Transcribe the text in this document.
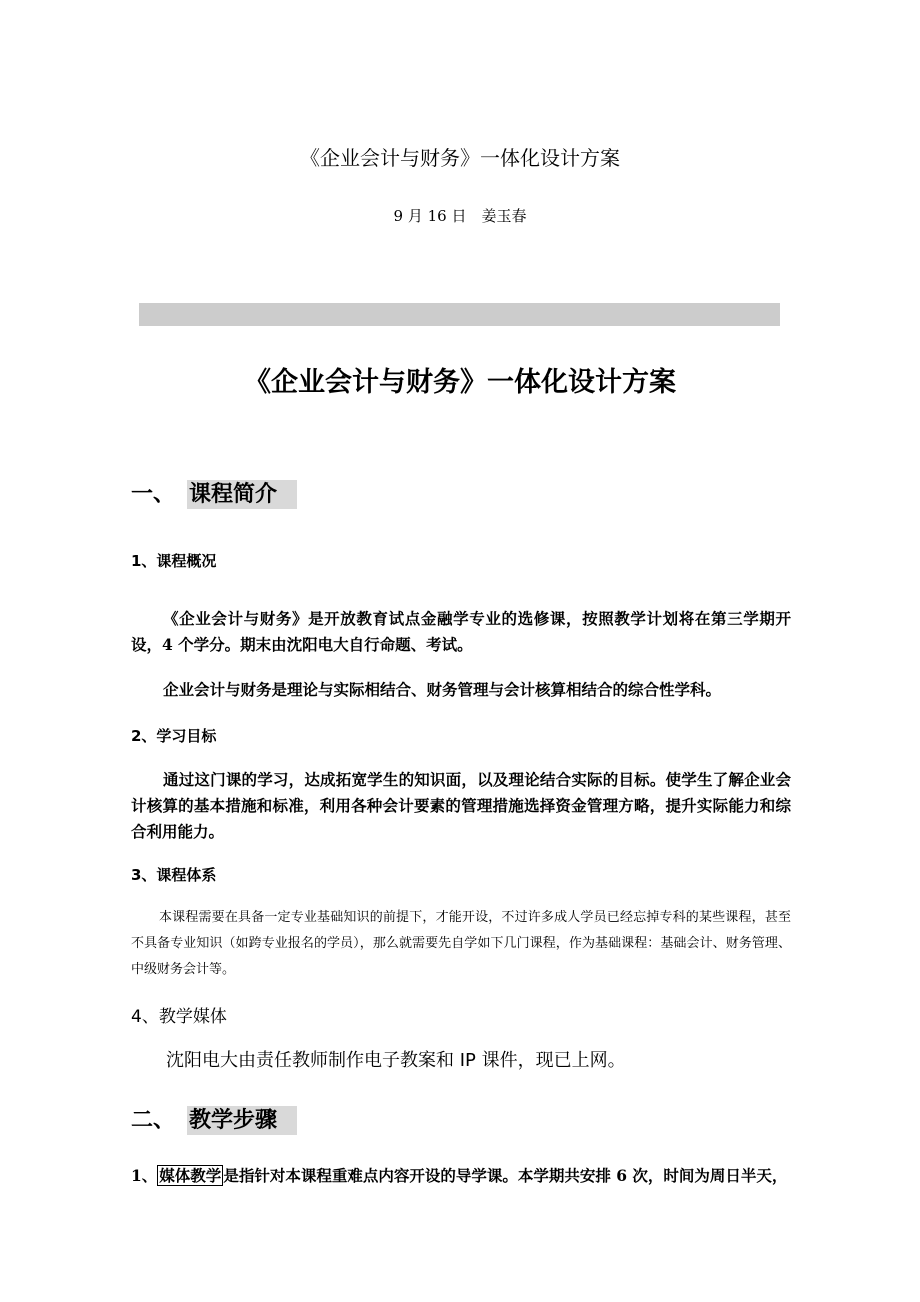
《企业会计与财务》一体化设计方案
9 月 16 日　姜玉春
《企业会计与财务》一体化设计方案
一、 课程简介
1、课程概况
《企业会计与财务》是开放教育试点金融学专业的选修课，按照教学计划将在第三学期开设，4 个学分。期末由沈阳电大自行命题、考试。
企业会计与财务是理论与实际相结合、财务管理与会计核算相结合的综合性学科。
2、学习目标
通过这门课的学习，达成拓宽学生的知识面，以及理论结合实际的目标。使学生了解企业会计核算的基本措施和标准，利用各种会计要素的管理措施选择资金管理方略，提升实际能力和综合利用能力。
3、课程体系
本课程需要在具备一定专业基础知识的前提下，才能开设，不过许多成人学员已经忘掉专科的某些课程，甚至不具备专业知识（如跨专业报名的学员），那么就需要先自学如下几门课程，作为基础课程：基础会计、财务管理、中级财务会计等。
4、教学媒体
沈阳电大由责任教师制作电子教案和 IP 课件，现已上网。
二、 教学步骤
1、 媒体教学 是指针对本课程重难点内容开设的导学课。本学期共安排 6 次，时间为周日半天，
